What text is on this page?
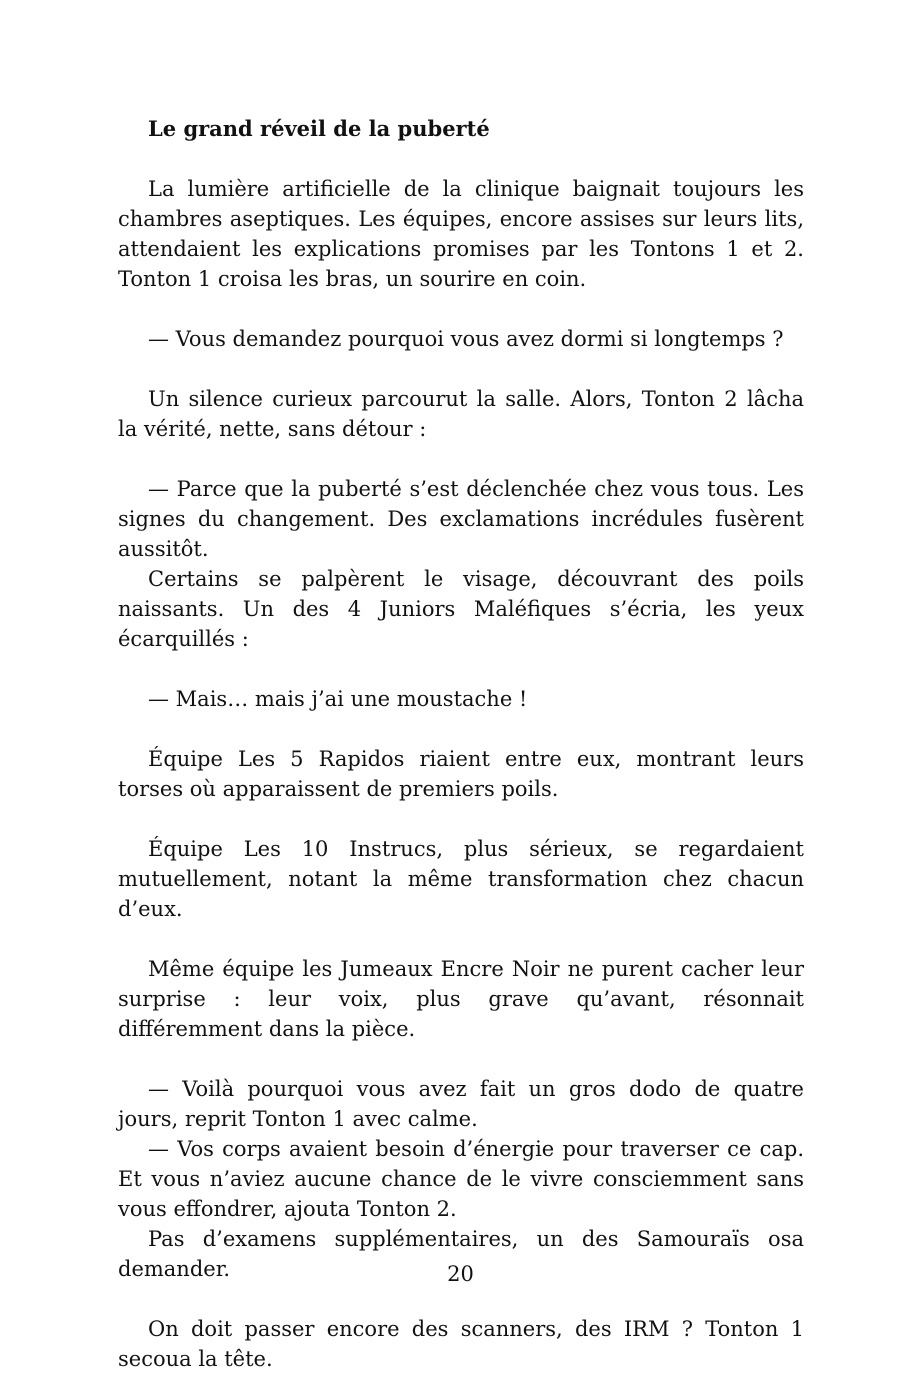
Le grand réveil de la puberté

La lumière artificielle de la clinique baignait toujours les chambres aseptiques. Les équipes, encore assises sur leurs lits, attendaient les explications promises par les Tontons 1 et 2. Tonton 1 croisa les bras, un sourire en coin.

— Vous demandez pourquoi vous avez dormi si longtemps ?

Un silence curieux parcourut la salle. Alors, Tonton 2 lâcha la vérité, nette, sans détour :

— Parce que la puberté s’est déclenchée chez vous tous. Les signes du changement. Des exclamations incrédules fusèrent aussitôt.

Certains se palpèrent le visage, découvrant des poils naissants. Un des 4 Juniors Maléfiques s’écria, les yeux écarquillés :

— Mais… mais j’ai une moustache !

Équipe Les 5 Rapidos riaient entre eux, montrant leurs torses où apparaissent de premiers poils.

Équipe Les 10 Instrucs, plus sérieux, se regardaient mutuellement, notant la même transformation chez chacun d’eux.

Même équipe les Jumeaux Encre Noir ne purent cacher leur surprise : leur voix, plus grave qu’avant, résonnait différemment dans la pièce.

— Voilà pourquoi vous avez fait un gros dodo de quatre jours, reprit Tonton 1 avec calme.

— Vos corps avaient besoin d’énergie pour traverser ce cap. Et vous n’aviez aucune chance de le vivre consciemment sans vous effondrer, ajouta Tonton 2.

Pas d’examens supplémentaires, un des Samouraïs osa demander.

On doit passer encore des scanners, des IRM ? Tonton 1 secoua la tête.

20
